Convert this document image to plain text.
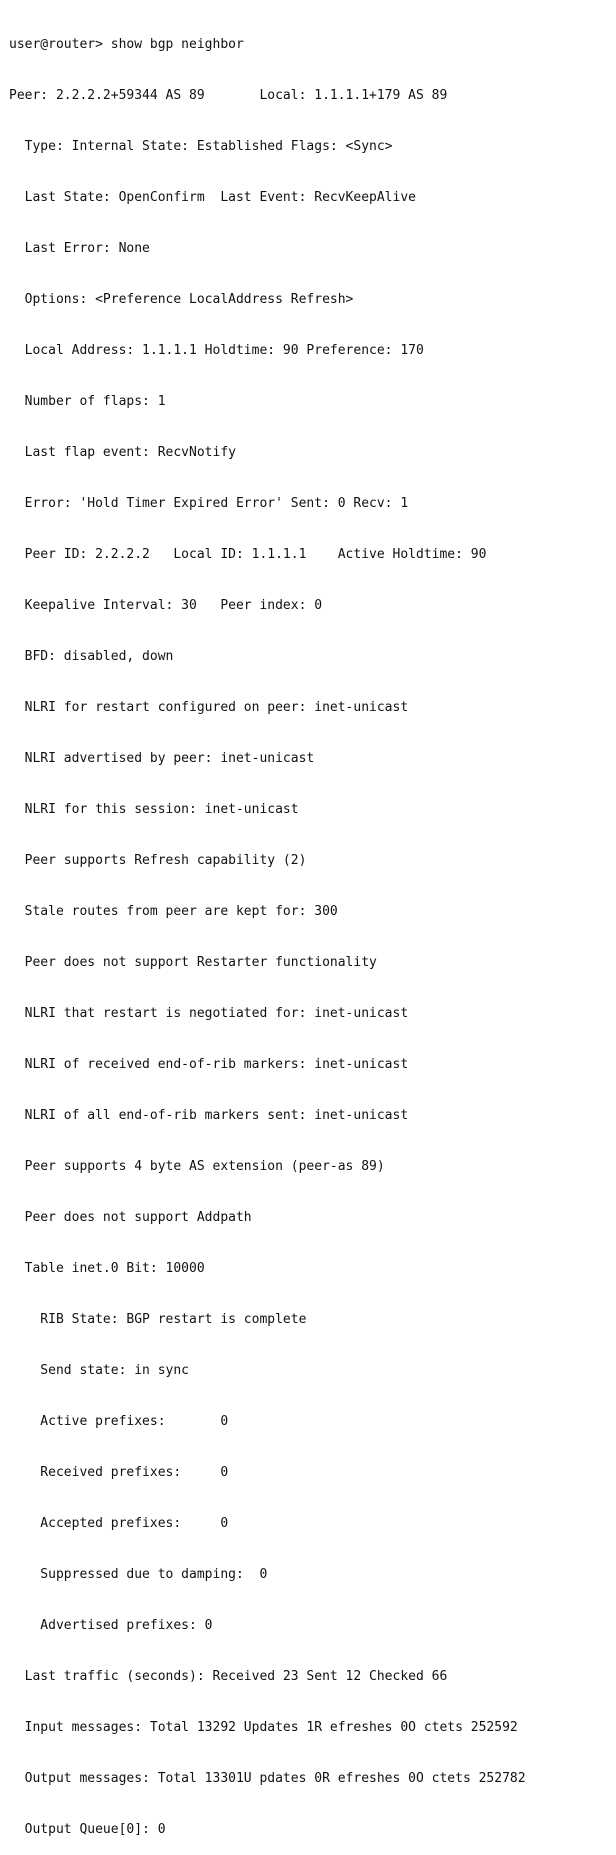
user@router> show bgp neighbor

Peer: 2.2.2.2+59344 AS 89       Local: 1.1.1.1+179 AS 89

Type: Internal State: Established Flags: <Sync>

Last State: OpenConfirm  Last Event: RecvKeepAlive

Last Error: None

Options: <Preference LocalAddress Refresh>

Local Address: 1.1.1.1 Holdtime: 90 Preference: 170

Number of flaps: 1

Last flap event: RecvNotify

Error: 'Hold Timer Expired Error' Sent: 0 Recv: 1

Peer ID: 2.2.2.2   Local ID: 1.1.1.1    Active Holdtime: 90

Keepalive Interval: 30   Peer index: 0

BFD: disabled, down

NLRI for restart configured on peer: inet-unicast

NLRI advertised by peer: inet-unicast

NLRI for this session: inet-unicast

Peer supports Refresh capability (2)

Stale routes from peer are kept for: 300

Peer does not support Restarter functionality

NLRI that restart is negotiated for: inet-unicast

NLRI of received end-of-rib markers: inet-unicast

NLRI of all end-of-rib markers sent: inet-unicast

Peer supports 4 byte AS extension (peer-as 89)

Peer does not support Addpath

Table inet.0 Bit: 10000

RIB State: BGP restart is complete

Send state: in sync

Active prefixes:       0

Received prefixes:     0

Accepted prefixes:     0

Suppressed due to damping:  0

Advertised prefixes: 0

Last traffic (seconds): Received 23 Sent 12 Checked 66

Input messages: Total 13292 Updates 1R efreshes 0O ctets 252592

Output messages: Total 13301U pdates 0R efreshes 0O ctets 252782

Output Queue[0]: 0
